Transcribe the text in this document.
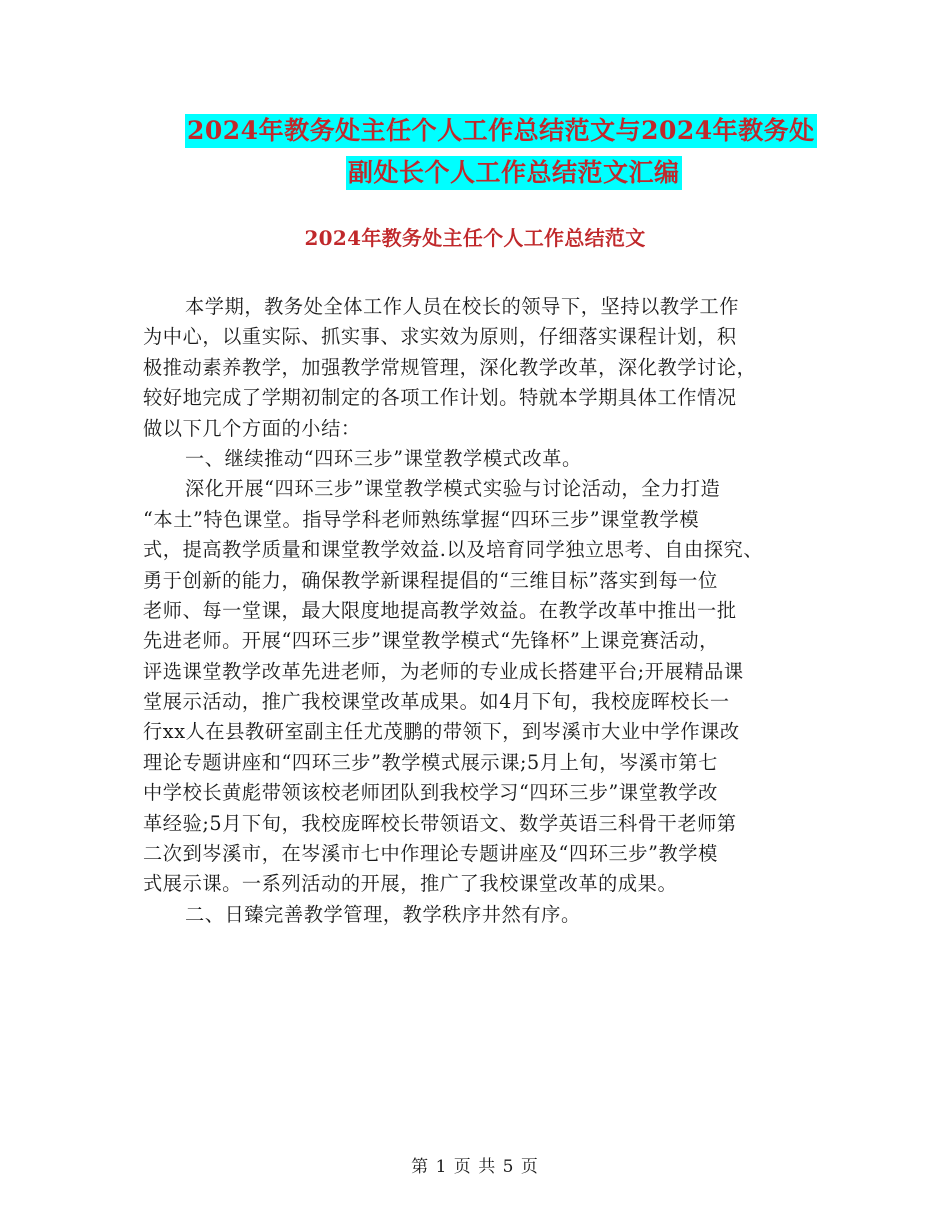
2024年教务处主任个人工作总结范文与2024年教务处
副处长个人工作总结范文汇编
2024年教务处主任个人工作总结范文
本学期，教务处全体工作人员在校长的领导下，坚持以教学工作
为中心，以重实际、抓实事、求实效为原则，仔细落实课程计划，积
极推动素养教学，加强教学常规管理，深化教学改革，深化教学讨论，
较好地完成了学期初制定的各项工作计划。特就本学期具体工作情况
做以下几个方面的小结：
一、继续推动“四环三步”课堂教学模式改革。
深化开展“四环三步”课堂教学模式实验与讨论活动，全力打造
“本土”特色课堂。指导学科老师熟练掌握“四环三步”课堂教学模
式，提高教学质量和课堂教学效益.以及培育同学独立思考、自由探究、
勇于创新的能力，确保教学新课程提倡的“三维目标”落实到每一位
老师、每一堂课，最大限度地提高教学效益。在教学改革中推出一批
先进老师。开展“四环三步”课堂教学模式“先锋杯”上课竞赛活动，
评选课堂教学改革先进老师，为老师的专业成长搭建平台;开展精品课
堂展示活动，推广我校课堂改革成果。如4月下旬，我校庞晖校长一
行xx人在县教研室副主任尤茂鹏的带领下，到岑溪市大业中学作课改
理论专题讲座和“四环三步”教学模式展示课;5月上旬，岑溪市第七
中学校长黄彪带领该校老师团队到我校学习“四环三步”课堂教学改
革经验;5月下旬，我校庞晖校长带领语文、数学英语三科骨干老师第
二次到岑溪市，在岑溪市七中作理论专题讲座及“四环三步”教学模
式展示课。一系列活动的开展，推广了我校课堂改革的成果。
二、日臻完善教学管理，教学秩序井然有序。
第 1 页 共 5 页
